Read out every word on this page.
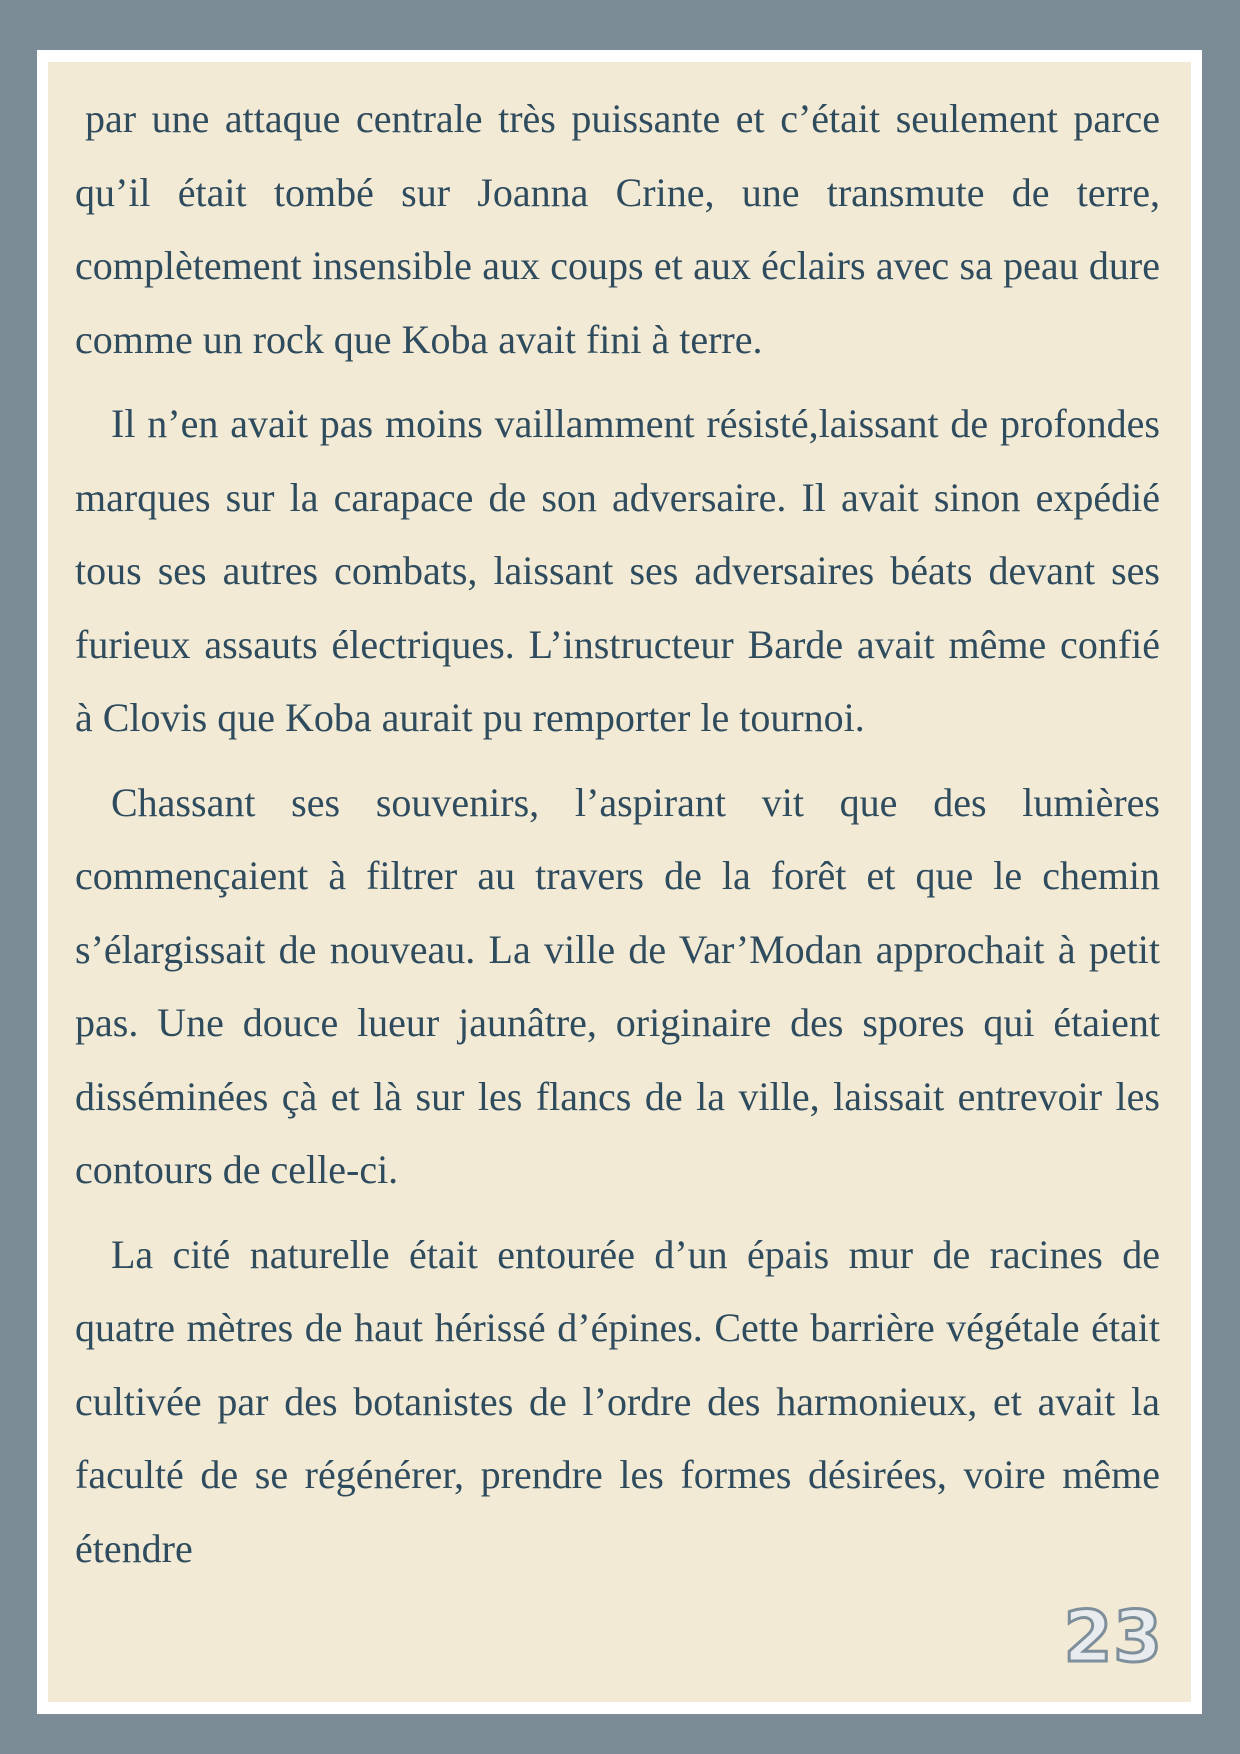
par une attaque centrale très puissante et c’était seulement parce qu’il était tombé sur Joanna Crine, une transmute de terre, complètement insensible aux coups et aux éclairs avec sa peau dure comme un rock que Koba avait fini à terre.

Il n’en avait pas moins vaillamment résisté,laissant de profondes marques sur la carapace de son adversaire. Il avait sinon expédié tous ses autres combats, laissant ses adversaires béats devant ses furieux assauts électriques. L’instructeur Barde avait même confié à Clovis que Koba aurait pu remporter le tournoi.

Chassant ses souvenirs, l’aspirant vit que des lumières commençaient à filtrer au travers de la forêt et que le chemin s’élargissait de nouveau. La ville de Var’Modan approchait à petit pas. Une douce lueur jaunâtre, originaire des spores qui étaient disséminées çà et là sur les flancs de la ville, laissait entrevoir les contours de celle-ci.

La cité naturelle était entourée d’un épais mur de racines de quatre mètres de haut hérissé d’épines. Cette barrière végétale était cultivée par des botanistes de l’ordre des harmonieux, et avait la faculté de se régénérer, prendre les formes désirées, voire même étendre

23
